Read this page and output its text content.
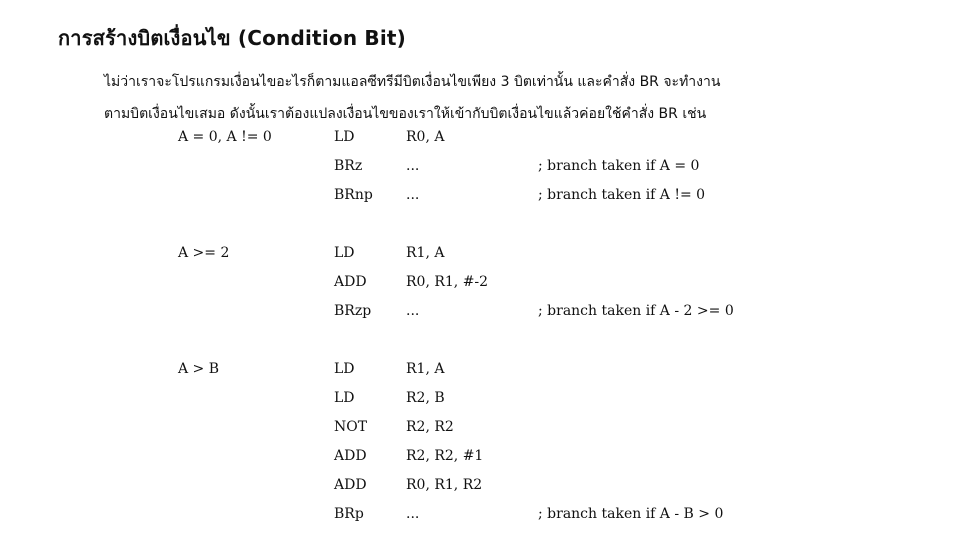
การสร้างบิตเงื่อนไข (Condition Bit)

ไม่ว่าเราจะโปรแกรมเงื่อนไขอะไรก็ตามแอลซีทรีมีบิตเงื่อนไขเพียง 3 บิตเท่านั้น และคำสั่ง BR จะทำงาน

ตามบิตเงื่อนไขเสมอ ดังนั้นเราต้องแปลงเงื่อนไขของเราให้เข้ากับบิตเงื่อนไขแล้วค่อยใช้คำสั่ง BR เช่น

A = 0, A != 0	LD	R0, A
BRz	...	; branch taken if A = 0
BRnp ...	; branch taken if A != 0
A >= 2	LD	R1, A
ADD	R0, R1, #-2
BRzp ...	; branch taken if A - 2 >= 0
A > B	LD	R1, A
LD	R2, B
NOT	R2, R2
ADD	R2, R2, #1
ADD	R0, R1, R2
BRp	...	; branch taken if A - B > 0
